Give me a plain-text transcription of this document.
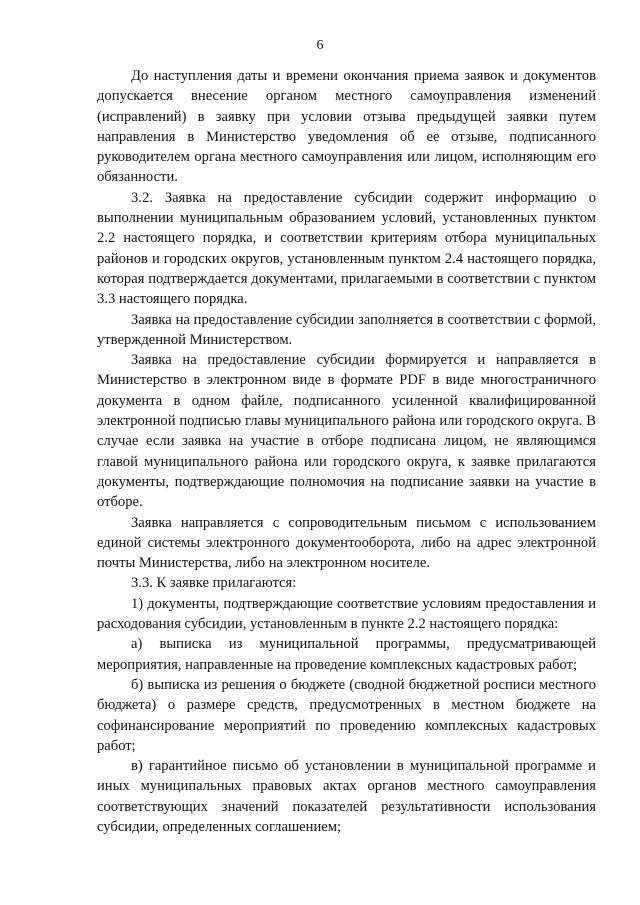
6

До наступления даты и времени окончания приема заявок и документов допускается внесение органом местного самоуправления изменений (исправлений) в заявку при условии отзыва предыдущей заявки путем направления в Министерство уведомления об ее отзыве, подписанного руководителем органа местного самоуправления или лицом, исполняющим его обязанности.

3.2. Заявка на предоставление субсидии содержит информацию о выполнении муниципальным образованием условий, установленных пунктом 2.2 настоящего порядка, и соответствии критериям отбора муниципальных районов и городских округов, установленным пунктом 2.4 настоящего порядка, которая подтверждается документами, прилагаемыми в соответствии с пунктом 3.3 настоящего порядка.

Заявка на предоставление субсидии заполняется в соответствии с формой, утвержденной Министерством.

Заявка на предоставление субсидии формируется и направляется в Министерство в электронном виде в формате PDF в виде многостраничного документа в одном файле, подписанного усиленной квалифицированной электронной подписью главы муниципального района или городского округа. В случае если заявка на участие в отборе подписана лицом, не являющимся главой муниципального района или городского округа, к заявке прилагаются документы, подтверждающие полномочия на подписание заявки на участие в отборе.

Заявка направляется с сопроводительным письмом с использованием единой системы электронного документооборота, либо на адрес электронной почты Министерства, либо на электронном носителе.

3.3. К заявке прилагаются:

1) документы, подтверждающие соответствие условиям предоставления и расходования субсидии, установленным в пункте 2.2 настоящего порядка:

а) выписка из муниципальной программы, предусматривающей мероприятия, направленные на проведение комплексных кадастровых работ;

б) выписка из решения о бюджете (сводной бюджетной росписи местного бюджета) о размере средств, предусмотренных в местном бюджете на софинансирование мероприятий по проведению комплексных кадастровых работ;

в) гарантийное письмо об установлении в муниципальной программе и иных муниципальных правовых актах органов местного самоуправления соответствующих значений показателей результативности использования субсидии, определенных соглашением;
